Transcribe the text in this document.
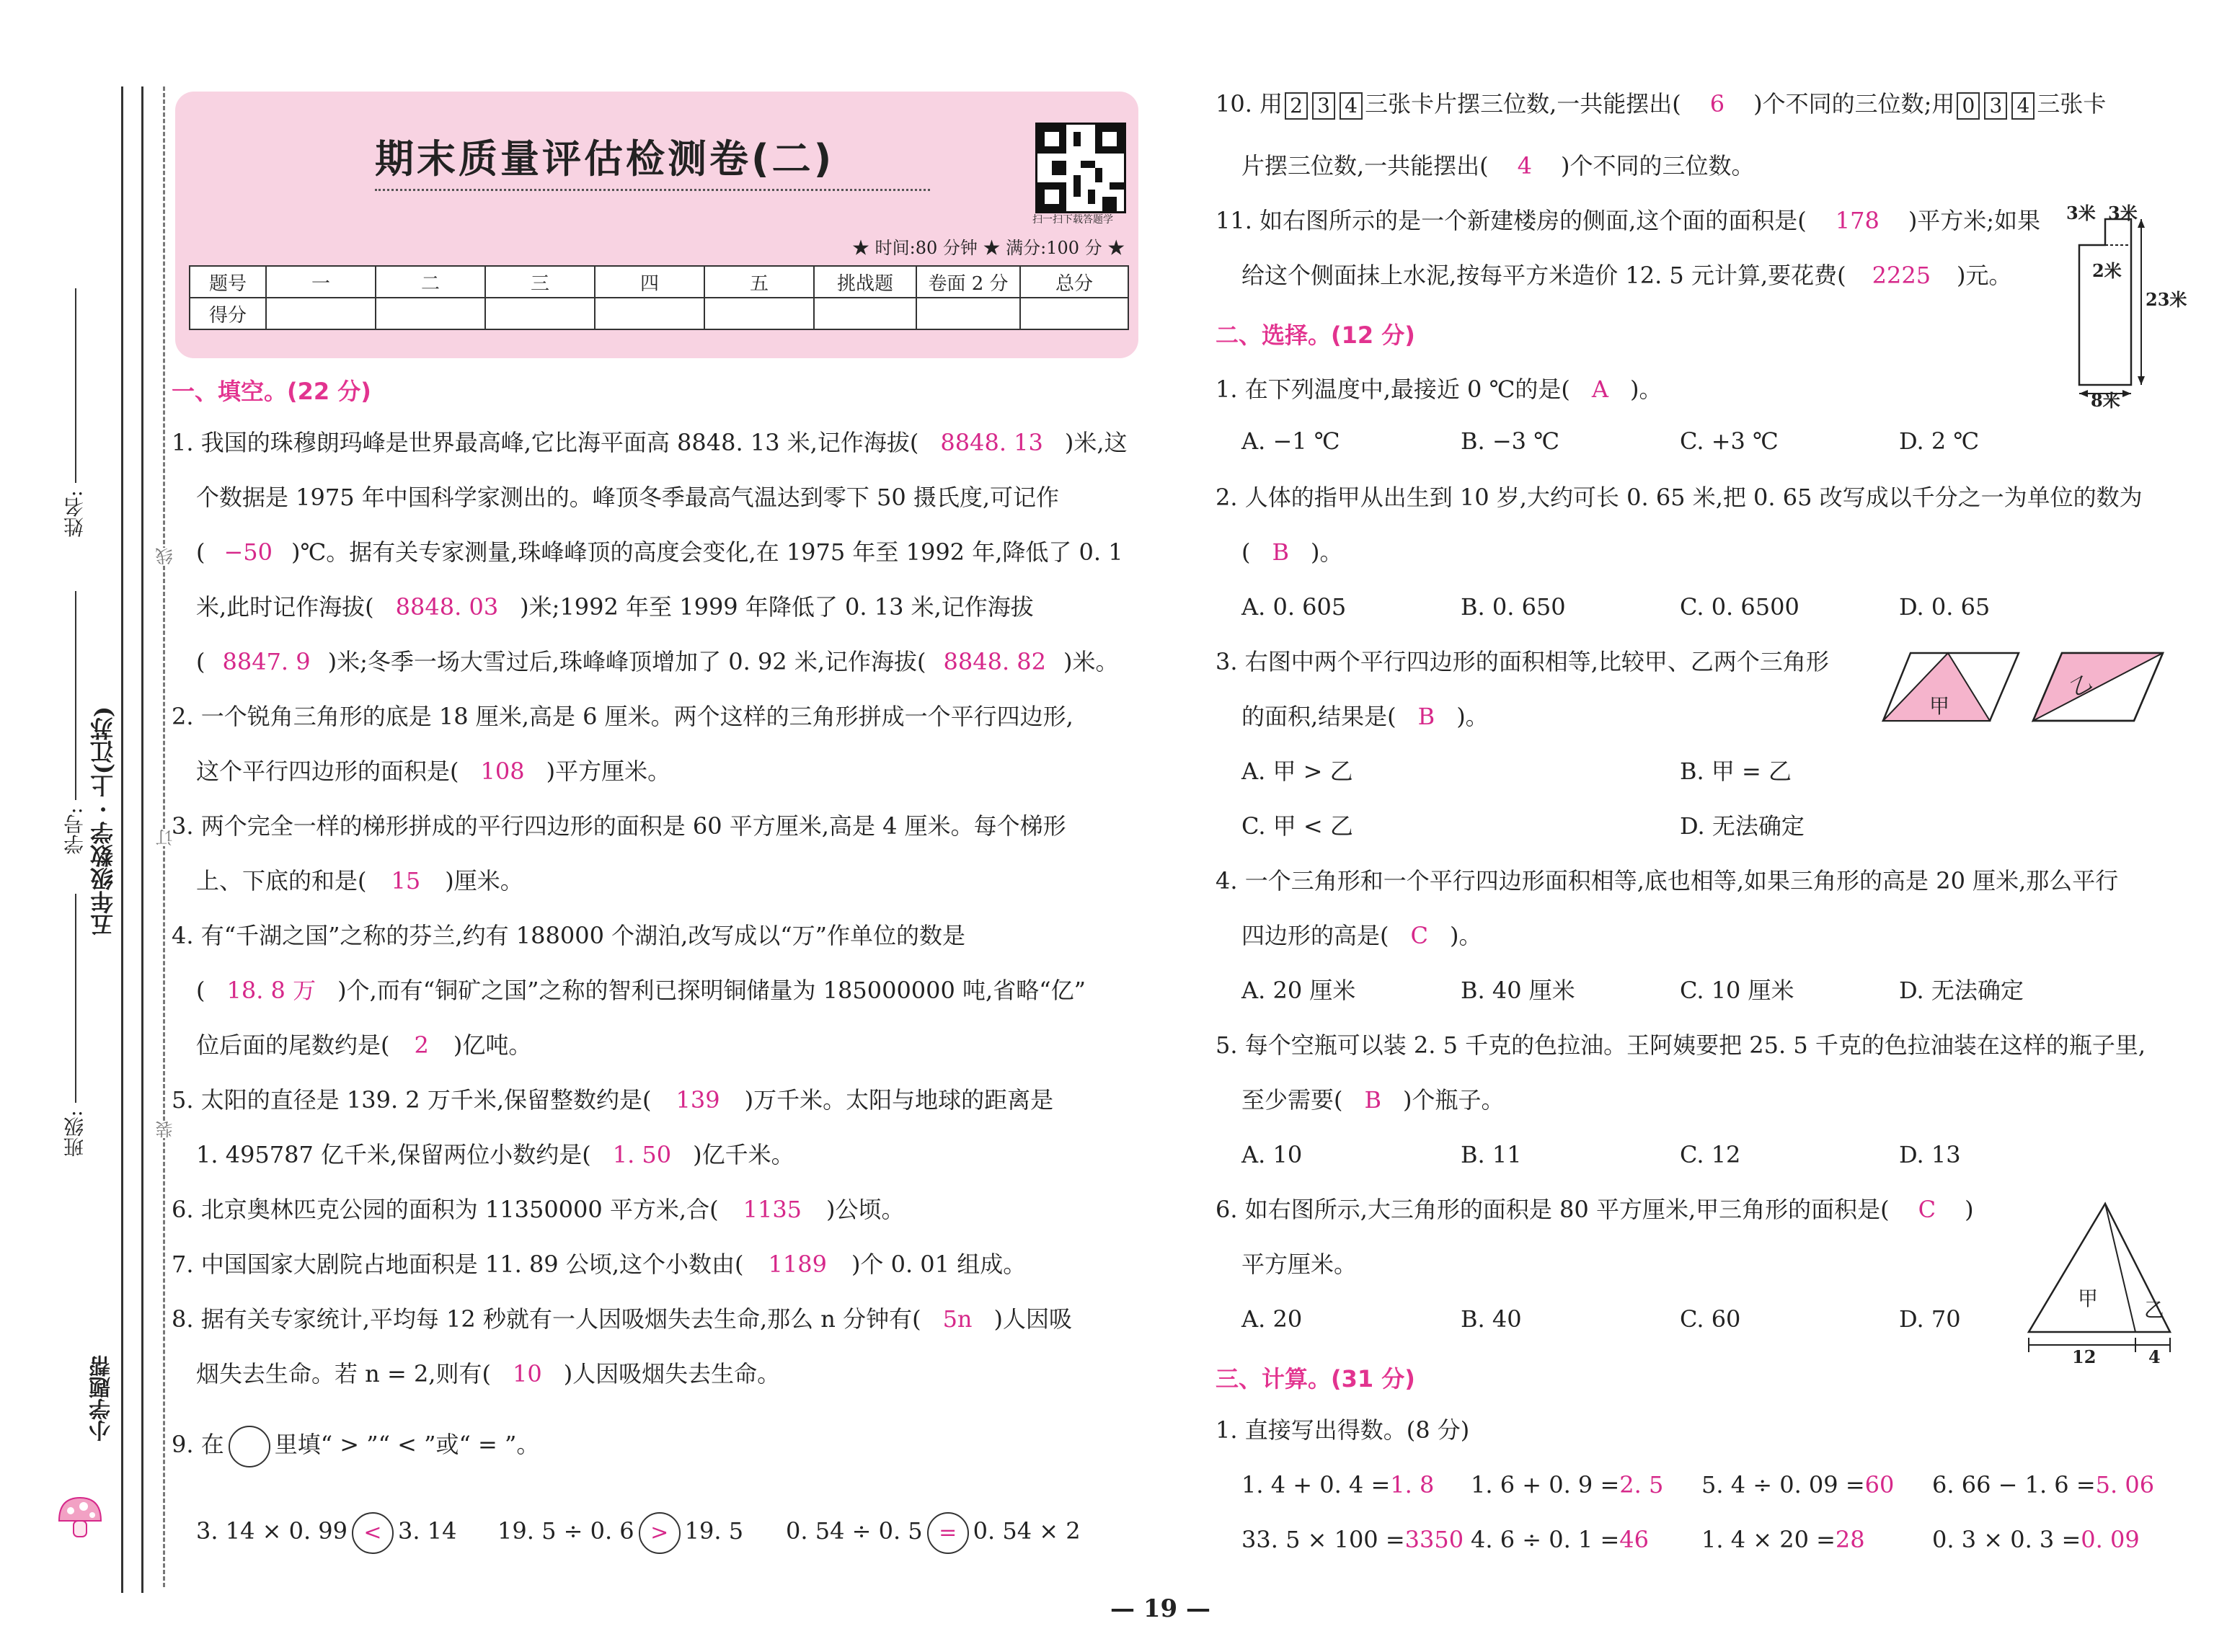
姓名:
学号:
班级:
五年级数学 · 上(江苏)
小学题帮
线
订
装
期末质量评估检测卷(二)
扫一扫下载答题学
★ 时间:80 分钟 ★ 满分:100 分 ★
题号	一	二	三	四	五	挑战题	卷面 2 分	总分
得分								
一、填空。(22 分)
1. 我国的珠穆朗玛峰是世界最高峰,它比海平面高 8848. 13 米,记作海拔( 8848. 13 )米,这
个数据是 1975 年中国科学家测出的。峰顶冬季最高气温达到零下 50 摄氏度,可记作
( −50 )℃。据有关专家测量,珠峰峰顶的高度会变化,在 1975 年至 1992 年,降低了 0. 1
米,此时记作海拔( 8848. 03 )米;1992 年至 1999 年降低了 0. 13 米,记作海拔
( 8847. 9 )米;冬季一场大雪过后,珠峰峰顶增加了 0. 92 米,记作海拔( 8848. 82 )米。
2. 一个锐角三角形的底是 18 厘米,高是 6 厘米。两个这样的三角形拼成一个平行四边形,
这个平行四边形的面积是( 108 )平方厘米。
3. 两个完全一样的梯形拼成的平行四边形的面积是 60 平方厘米,高是 4 厘米。每个梯形
上、下底的和是( 15 )厘米。
4. 有“千湖之国”之称的芬兰,约有 188000 个湖泊,改写成以“万”作单位的数是
( 18. 8 万 )个,而有“铜矿之国”之称的智利已探明铜储量为 185000000 吨,省略“亿”
位后面的尾数约是( 2 )亿吨。
5. 太阳的直径是 139. 2 万千米,保留整数约是( 139 )万千米。太阳与地球的距离是
1. 495787 亿千米,保留两位小数约是( 1. 50 )亿千米。
6. 北京奥林匹克公园的面积为 11350000 平方米,合( 1135 )公顷。
7. 中国国家大剧院占地面积是 11. 89 公顷,这个小数由( 1189 )个 0. 01 组成。
8. 据有关专家统计,平均每 12 秒就有一人因吸烟失去生命,那么 n 分钟有( 5n )人因吸
烟失去生命。若 n = 2,则有( 10 )人因吸烟失去生命。
9. 在 里填“ > ”“ < ”或“ = ”。
3. 14 × 0. 99 < 3. 14 19. 5 ÷ 0. 6 > 19. 5 0. 54 ÷ 0. 5 = 0. 54 × 2
10. 用 2 3 4 三张卡片摆三位数,一共能摆出( 6 )个不同的三位数;用 0 3 4 三张卡
片摆三位数,一共能摆出( 4 )个不同的三位数。
11. 如右图所示的是一个新建楼房的侧面,这个面的面积是( 178 )平方米;如果
给这个侧面抹上水泥,按每平方米造价 12. 5 元计算,要花费( 2225 )元。
3米 3米
2米
23米
8米
二、选择。(12 分)
1. 在下列温度中,最接近 0 ℃的是( A )。
A. −1 ℃	B. −3 ℃	C. +3 ℃	D. 2 ℃
2. 人体的指甲从出生到 10 岁,大约可长 0. 65 米,把 0. 65 改写成以千分之一为单位的数为
( B )。
A. 0. 605	B. 0. 650	C. 0. 6500	D. 0. 65
3. 右图中两个平行四边形的面积相等,比较甲、乙两个三角形
的面积,结果是( B )。
A. 甲 > 乙	B. 甲 = 乙
C. 甲 < 乙	D. 无法确定
甲
乙
4. 一个三角形和一个平行四边形面积相等,底也相等,如果三角形的高是 20 厘米,那么平行
四边形的高是( C )。
A. 20 厘米	B. 40 厘米	C. 10 厘米	D. 无法确定
5. 每个空瓶可以装 2. 5 千克的色拉油。王阿姨要把 25. 5 千克的色拉油装在这样的瓶子里,
至少需要( B )个瓶子。
A. 10	B. 11	C. 12	D. 13
6. 如右图所示,大三角形的面积是 80 平方厘米,甲三角形的面积是( C )
平方厘米。
A. 20	B. 40	C. 60	D. 70
甲 乙
12	4
三、计算。(31 分)
1. 直接写出得数。(8 分)
1. 4 + 0. 4 =1. 8 1. 6 + 0. 9 =2. 5 5. 4 ÷ 0. 09 =60 6. 66 − 1. 6 =5. 06
33. 5 × 100 =3350 4. 6 ÷ 0. 1 =46 1. 4 × 20 =28	0. 3 × 0. 3 =0. 09
— 19 —
